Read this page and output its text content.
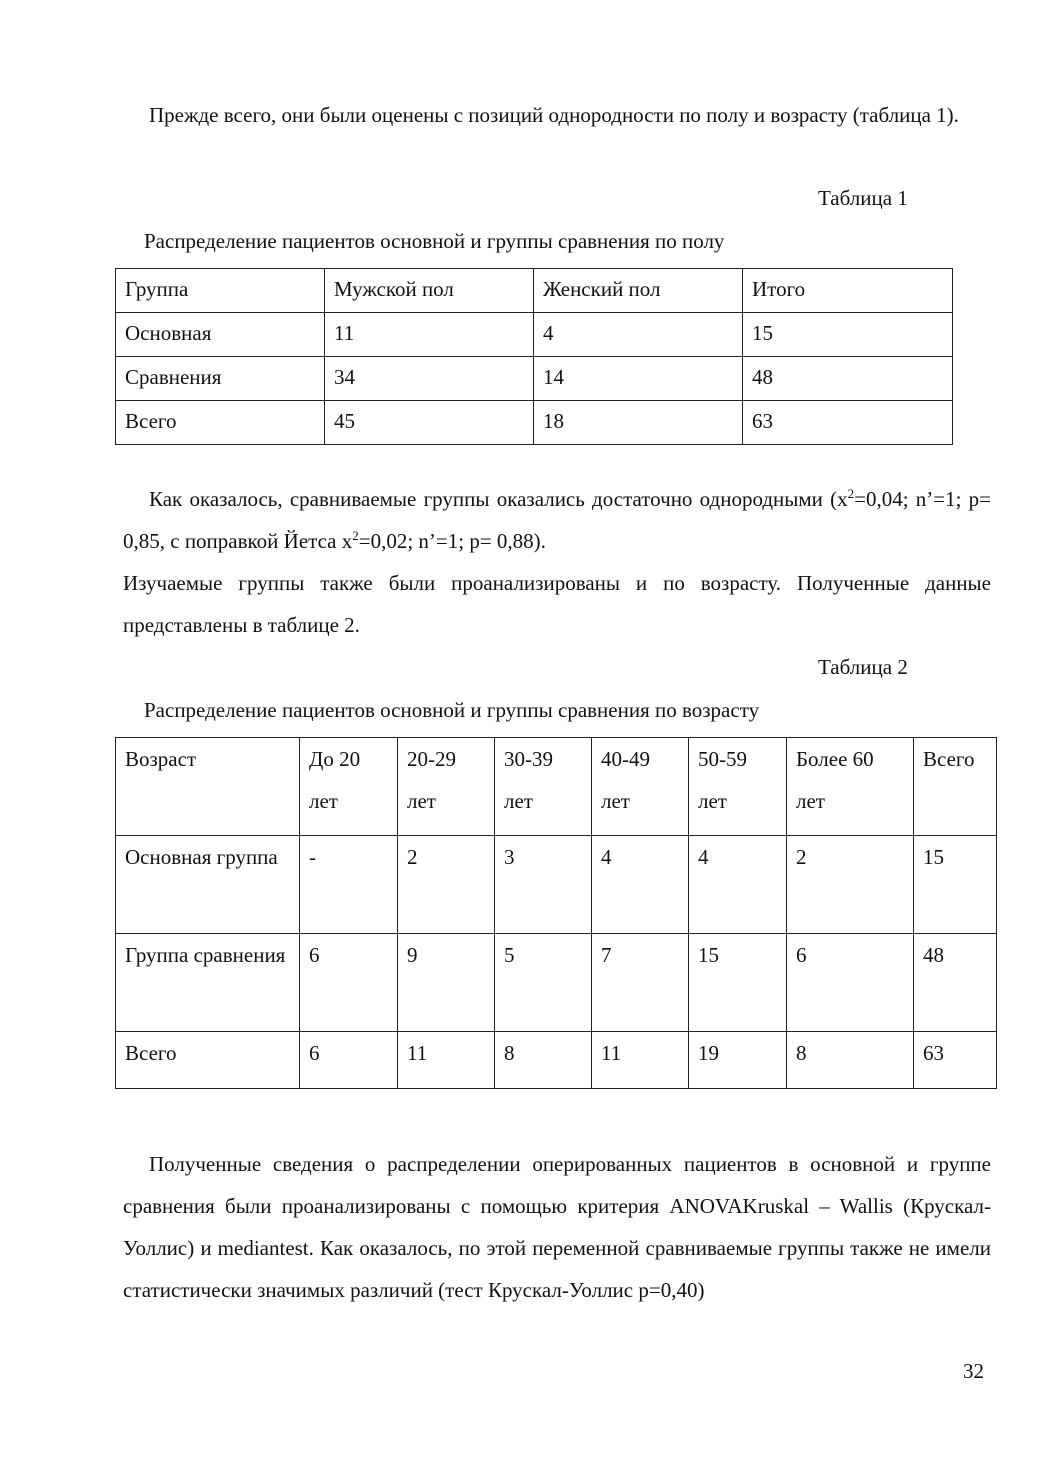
Прежде всего, они были оценены с позиций однородности по полу и возрасту (таблица 1).

Таблица 1

Распределение пациентов основной и группы сравнения по полу

Группа	Мужской пол	Женский пол	Итого
Основная	11	4	15
Сравнения	34	14	48
Всего	45	18	63

Как оказалось, сравниваемые группы оказались достаточно однородными ($х^2=0,04$; n’=1; p= 0,85, с поправкой Йетса $х^2=0,02$; n’=1; p= 0,88).

Изучаемые группы также были проанализированы и по возрасту. Полученные данные представлены в таблице 2.

Таблица 2

Распределение пациентов основной и группы сравнения по возрасту

Возраст	До 20 лет	20-29 лет	30-39 лет	40-49 лет	50-59 лет	Более 60 лет	Всего
Основная группа	-	2	3	4	4	2	15
Группа сравнения	6	9	5	7	15	6	48
Всего	6	11	8	11	19	8	63

Полученные сведения о распределении оперированных пациентов в основной и группе сравнения были проанализированы с помощью критерия ANOVAKruskal – Wallis (Крускал-Уоллис) и mediantest. Как оказалось, по этой переменной сравниваемые группы также не имели статистически значимых различий (тест Крускал-Уоллис p=0,40)

32
